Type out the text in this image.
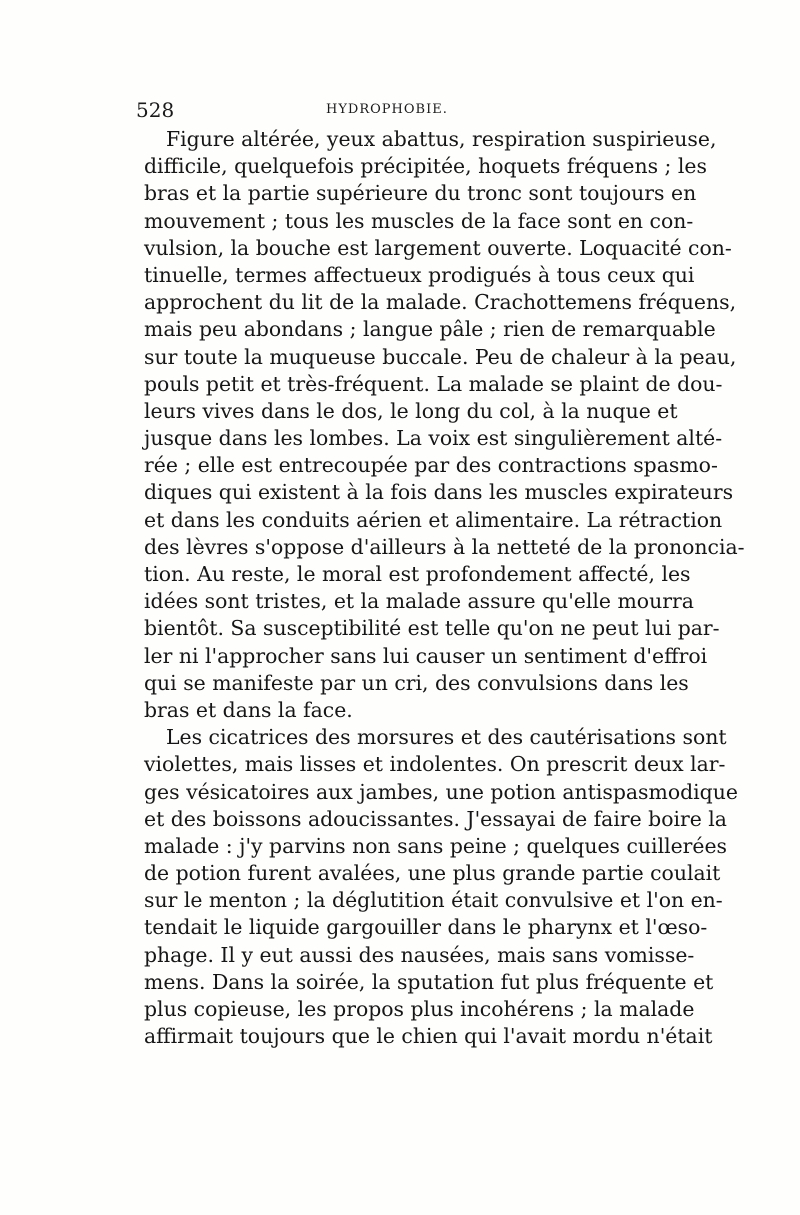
528	HYDROPHOBIE.
Figure altérée, yeux abattus, respiration suspirieuse,
difficile, quelquefois précipitée, hoquets fréquens ; les
bras et la partie supérieure du tronc sont toujours en
mouvement ; tous les muscles de la face sont en con-
vulsion, la bouche est largement ouverte. Loquacité con-
tinuelle, termes affectueux prodigués à tous ceux qui
approchent du lit de la malade. Crachottemens fréquens,
mais peu abondans ; langue pâle ; rien de remarquable
sur toute la muqueuse buccale. Peu de chaleur à la peau,
pouls petit et très-fréquent. La malade se plaint de dou-
leurs vives dans le dos, le long du col, à la nuque et
jusque dans les lombes. La voix est singulièrement alté-
rée ; elle est entrecoupée par des contractions spasmo-
diques qui existent à la fois dans les muscles expirateurs
et dans les conduits aérien et alimentaire. La rétraction
des lèvres s'oppose d'ailleurs à la netteté de la prononcia-
tion. Au reste, le moral est profondement affecté, les
idées sont tristes, et la malade assure qu'elle mourra
bientôt. Sa susceptibilité est telle qu'on ne peut lui par-
ler ni l'approcher sans lui causer un sentiment d'effroi
qui se manifeste par un cri, des convulsions dans les
bras et dans la face.
Les cicatrices des morsures et des cautérisations sont
violettes, mais lisses et indolentes. On prescrit deux lar-
ges vésicatoires aux jambes, une potion antispasmodique
et des boissons adoucissantes. J'essayai de faire boire la
malade : j'y parvins non sans peine ; quelques cuillerées
de potion furent avalées, une plus grande partie coulait
sur le menton ; la déglutition était convulsive et l'on en-
tendait le liquide gargouiller dans le pharynx et l'œso-
phage. Il y eut aussi des nausées, mais sans vomisse-
mens. Dans la soirée, la sputation fut plus fréquente et
plus copieuse, les propos plus incohérens ; la malade
affirmait toujours que le chien qui l'avait mordu n'était
